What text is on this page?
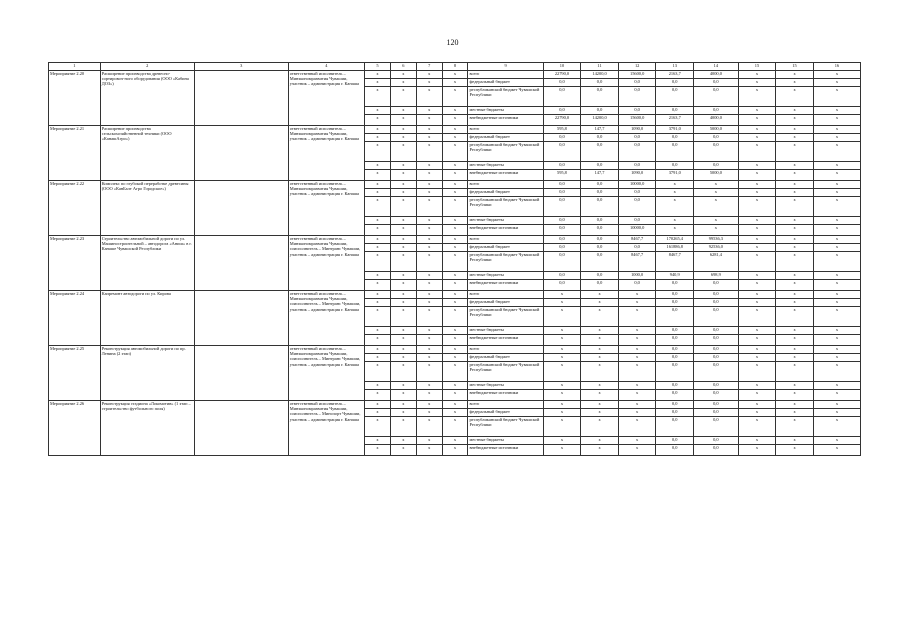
120
1	2	3	4	5	6	7	8	9	10	11	12	13	14	15	15	16
Мероприятие 2.20	Расширение производства древесно-сортировоч-ного оборудования (ООО «Кабина ДОЗ»)		ответственный исполнитель – Минэкономразвития Чувашии, участник – администрация г. Канаша	x	x	x	x	всего	22790,0	14200,0	15600,0	2163,7	4000,0	x	x	x
				x	x	x	x	федеральный бюджет	0,0	0,0	0,0	0,0	0,0	x	x	x
				x	x	x	x	республиканский бюджет Чувашской Республики	0,0	0,0	0,0	0,0	0,0	x	x	x
				x	x	x	x	местные бюджеты	0,0	0,0	0,0	0,0	0,0	x	x	x
				x	x	x	x	внебюджетные источники	22790,0	14200,0	15600,0	2163,7	4000,0	x	x	x
Мероприятие 2.21	Расширение производства сельскохозяйственной техники (ООО «КанашАгро»)		ответственный исполнитель – Минэкономразвития Чувашии, участник – администрация г. Канаша	x	x	x	x	всего	595,8	147,7	1090,0	3791,0	5000,0	x	x	x
				x	x	x	x	федеральный бюджет	0,0	0,0	0,0	0,0	0,0	x	x	x
				x	x	x	x	республиканский бюджет Чувашской Республики	0,0	0,0	0,0	0,0	0,0	x	x	x
				x	x	x	x	местные бюджеты	0,0	0,0	0,0	0,0	0,0	x	x	x
				x	x	x	x	внебюджетные источники	595,8	147,7	1090,0	3791,0	5000,0	x	x	x
Мероприятие 2.22	Комплекс по глубокой переработке древесины (ООО «КанБалт Агро Городское»)		ответственный исполнитель – Минэкономразвития Чувашии, участник – администрация г. Канаша	x	x	x	x	всего	0,0	0,0	10000,0	x	x	x	x	x
				x	x	x	x	федеральный бюджет	0,0	0,0	0,0	x	x	x	x	x
				x	x	x	x	республиканский бюджет Чувашской Республики	0,0	0,0	0,0	x	x	x	x	x
				x	x	x	x	местные бюджеты	0,0	0,0	0,0	x	x	x	x	x
				x	x	x	x	внебюджетные источники	0,0	0,0	10000,0	x	x	x	x	x
Мероприятие 2.23	Строительство автомобильной дороги по ул. Машиностроительной – автодорога «Аниш» в г. Канаше Чувашской Республики		ответственный исполнитель – Минэкономразвития Чувашии, соисполнитель – Минтранс Чувашии, участник – администрация г. Канаша	x	x	x	x	всего	0,0	0,0	8467,7	170265,4	99536,3	x	x	x
				x	x	x	x	федеральный бюджет	0,0	0,0	0,0	161886,8	92536,0	x	x	x
				x	x	x	x	республиканский бюджет Чувашской Республики	0,0	0,0	8467,7	8467,7	6281,4	x	x	x
				x	x	x	x	местные бюджеты	0,0	0,0	1000,0	940,9	698,9	x	x	x
				x	x	x	x	внебюджетные источники	0,0	0,0	0,0	0,0	0,0	x	x	x
Мероприятие 2.24	Капремонт автодороги по ул. Кирова		ответственный исполнитель – Минэкономразвития Чувашии, соисполнитель – Минтранс Чувашии, участник – администрация г. Канаша	x	x	x	x	всего	x	x	x	0,0	0,0	x	x	x
				x	x	x	x	федеральный бюджет	x	x	x	0,0	0,0	x	x	x
				x	x	x	x	республиканский бюджет Чувашской Республики	x	x	x	0,0	0,0	x	x	x
				x	x	x	x	местные бюджеты	x	x	x	0,0	0,0	x	x	x
				x	x	x	x	внебюджетные источники	x	x	x	0,0	0,0	x	x	x
Мероприятие 2.25	Реконструкция автомобильной дороги по пр. Ленина (2 этап)		ответственный исполнитель – Минэкономразвития Чувашии, соисполнитель – Минтранс Чувашии, участник – администрация г. Канаша	x	x	x	x	всего	x	x	x	0,0	0,0	x	x	x
				x	x	x	x	федеральный бюджет	x	x	x	0,0	0,0	x	x	x
				x	x	x	x	республиканский бюджет Чувашской Республики	x	x	x	0,0	0,0	x	x	x
				x	x	x	x	местные бюджеты	x	x	x	0,0	0,0	x	x	x
				x	x	x	x	внебюджетные источники	x	x	x	0,0	0,0	x	x	x
Мероприятие 2.26	Реконструкция стадиона «Локомотив» (1 этап – строительство футбольного поля)		ответственный исполнитель – Минэкономразвития Чувашии, соисполнитель – Минспорт Чувашии, участник – администрация г. Канаша	x	x	x	x	всего	x	x	x	0,0	0,0	x	x	x
				x	x	x	x	федеральный бюджет	x	x	x	0,0	0,0	x	x	x
				x	x	x	x	республиканский бюджет Чувашской Республики	x	x	x	0,0	0,0	x	x	x
				x	x	x	x	местные бюджеты	x	x	x	0,0	0,0	x	x	x
				x	x	x	x	внебюджетные источники	x	x	x	0,0	0,0	x	x	x
